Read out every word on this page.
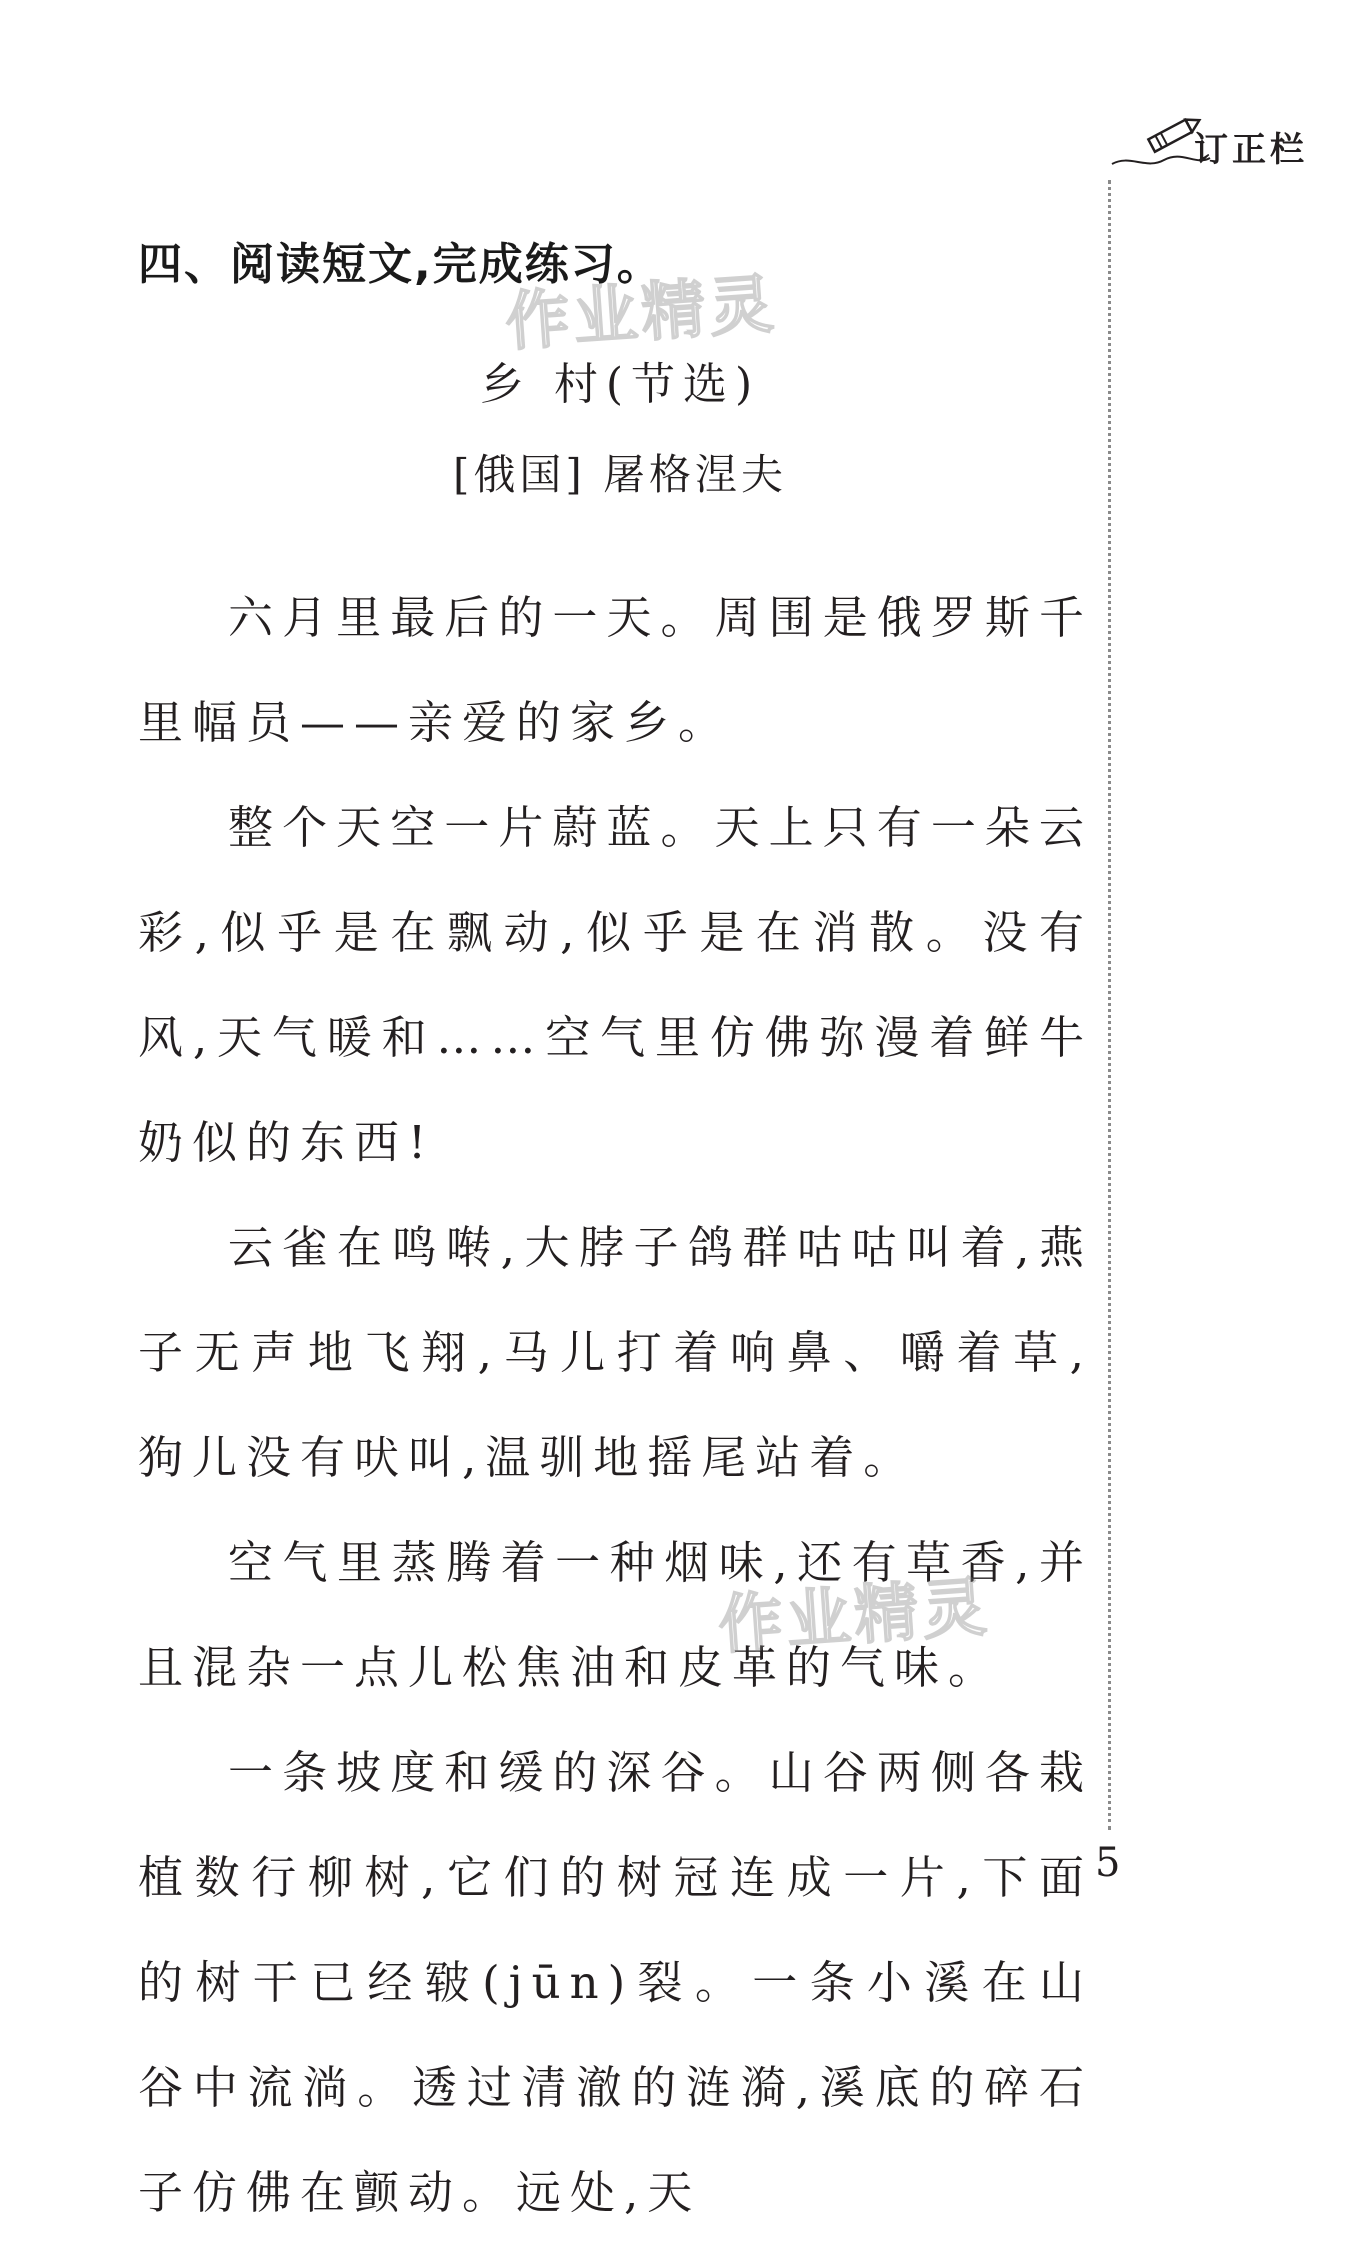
订正栏
四、阅读短文,完成练习。
作业精灵
乡 村(节选)
[俄国] 屠格涅夫

六月里最后的一天。周围是俄罗斯千里幅员——亲爱的家乡。

整个天空一片蔚蓝。天上只有一朵云彩,似乎是在飘动,似乎是在消散。没有风,天气暖和……空气里仿佛弥漫着鲜牛奶似的东西!

云雀在鸣啭,大脖子鸽群咕咕叫着,燕子无声地飞翔,马儿打着响鼻、嚼着草,狗儿没有吠叫,温驯地摇尾站着。

空气里蒸腾着一种烟味,还有草香,并且混杂一点儿松焦油和皮革的气味。

一条坡度和缓的深谷。山谷两侧各栽植数行柳树,它们的树冠连成一片,下面的树干已经皲(jūn)裂。一条小溪在山谷中流淌。透过清澈的涟漪,溪底的碎石子仿佛在颤动。远处,天

作业精灵
5
